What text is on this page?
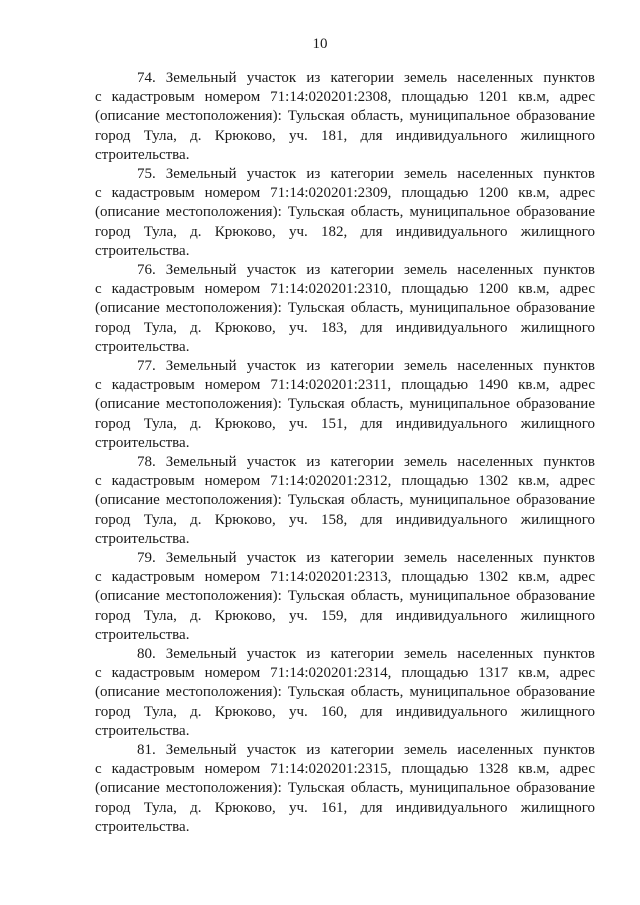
10
74. Земельный участок из категории земель населенных пунктов
с кадастровым номером 71:14:020201:2308, площадью 1201 кв.м, адрес
(описание местоположения): Тульская область, муниципальное образование
город Тула, д. Крюково, уч. 181, для индивидуального жилищного
строительства.
75. Земельный участок из категории земель населенных пунктов
с кадастровым номером 71:14:020201:2309, площадью 1200 кв.м, адрес
(описание местоположения): Тульская область, муниципальное образование
город Тула, д. Крюково, уч. 182, для индивидуального жилищного
строительства.
76. Земельный участок из категории земель населенных пунктов
с кадастровым номером 71:14:020201:2310, площадью 1200 кв.м, адрес
(описание местоположения): Тульская область, муниципальное образование
город Тула, д. Крюково, уч. 183, для индивидуального жилищного
строительства.
77. Земельный участок из категории земель населенных пунктов
с кадастровым номером 71:14:020201:2311, площадью 1490 кв.м, адрес
(описание местоположения): Тульская область, муниципальное образование
город Тула, д. Крюково, уч. 151, для индивидуального жилищного
строительства.
78. Земельный участок из категории земель населенных пунктов
с кадастровым номером 71:14:020201:2312, площадью 1302 кв.м, адрес
(описание местоположения): Тульская область, муниципальное образование
город Тула, д. Крюково, уч. 158, для индивидуального жилищного
строительства.
79. Земельный участок из категории земель населенных пунктов
с кадастровым номером 71:14:020201:2313, площадью 1302 кв.м, адрес
(описание местоположения): Тульская область, муниципальное образование
город Тула, д. Крюково, уч. 159, для индивидуального жилищного
строительства.
80. Земельный участок из категории земель населенных пунктов
с кадастровым номером 71:14:020201:2314, площадью 1317 кв.м, адрес
(описание местоположения): Тульская область, муниципальное образование
город Тула, д. Крюково, уч. 160, для индивидуального жилищного
строительства.
81. Земельный участок из категории земель иаселенных пунктов
с кадастровым номером 71:14:020201:2315, площадью 1328 кв.м, адрес
(описание местоположения): Тульская область, муниципальное образование
город Тула, д. Крюково, уч. 161, для индивидуального жилищного
строительства.
